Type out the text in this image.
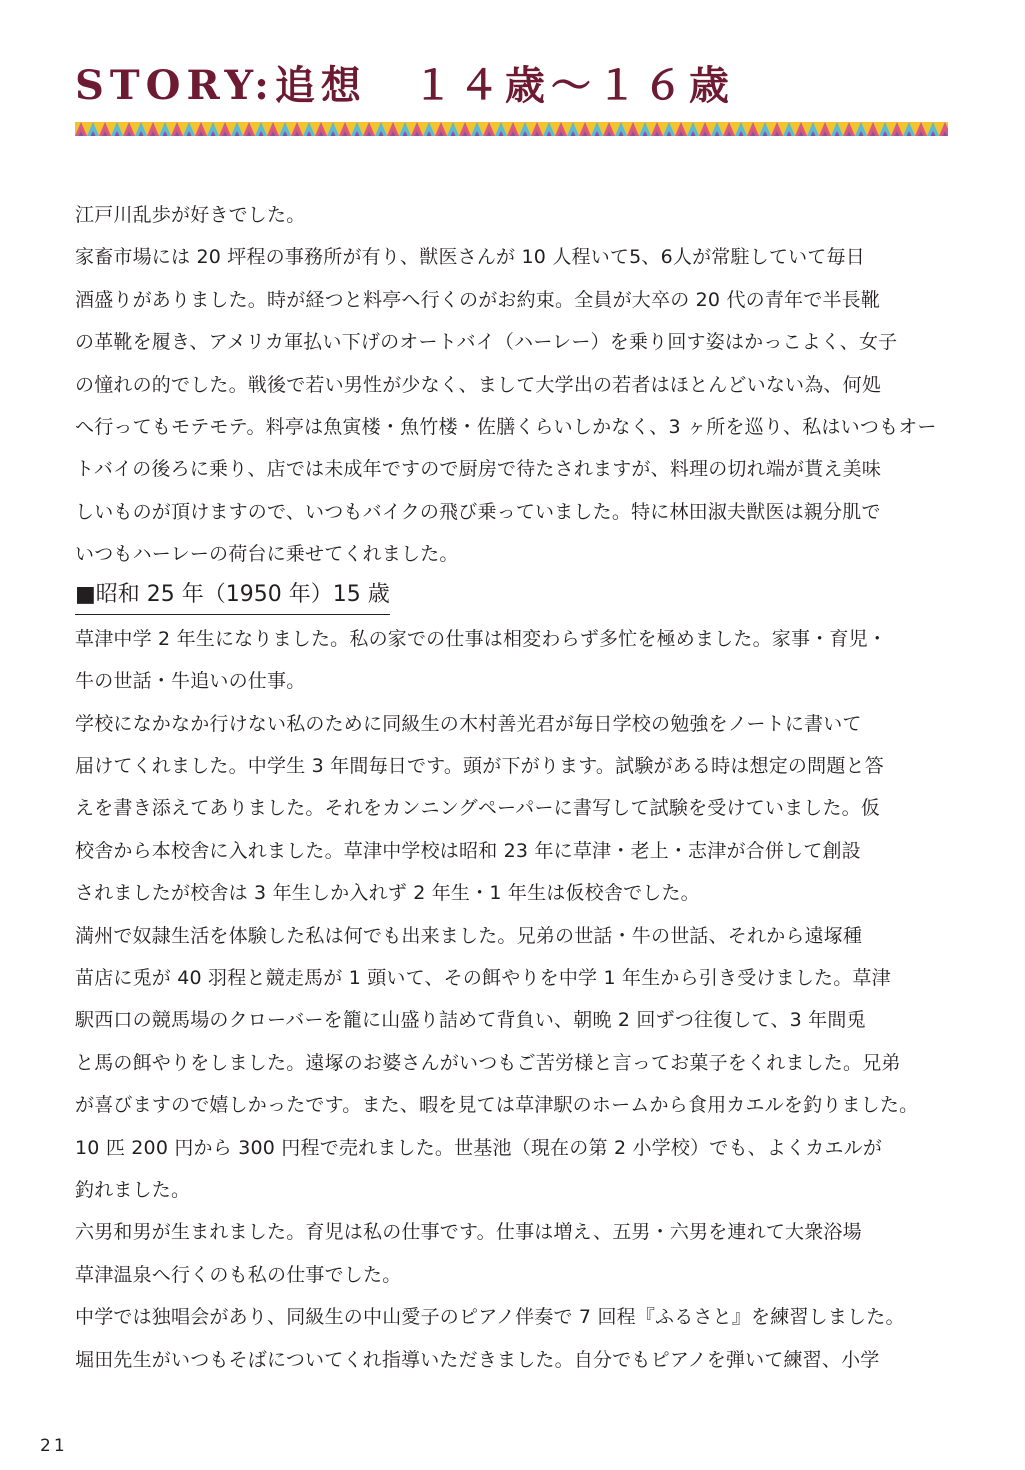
STORY:追想　１４歳～１６歳
江戸川乱歩が好きでした。
家畜市場には 20 坪程の事務所が有り、獣医さんが 10 人程いて5、6人が常駐していて毎日
酒盛りがありました。時が経つと料亭へ行くのがお約束。全員が大卒の 20 代の青年で半長靴
の革靴を履き、アメリカ軍払い下げのオートバイ（ハーレー）を乗り回す姿はかっこよく、女子
の憧れの的でした。戦後で若い男性が少なく、まして大学出の若者はほとんどいない為、何処
へ行ってもモテモテ。料亭は魚寅楼・魚竹楼・佐膳くらいしかなく、3 ヶ所を巡り、私はいつもオー
トバイの後ろに乗り、店では未成年ですので厨房で待たされますが、料理の切れ端が貰え美味
しいものが頂けますので、いつもバイクの飛び乗っていました。特に林田淑夫獣医は親分肌で
いつもハーレーの荷台に乗せてくれました。
■昭和 25 年（1950 年）15 歳
草津中学 2 年生になりました。私の家での仕事は相変わらず多忙を極めました。家事・育児・
牛の世話・牛追いの仕事。
学校になかなか行けない私のために同級生の木村善光君が毎日学校の勉強をノートに書いて
届けてくれました。中学生 3 年間毎日です。頭が下がります。試験がある時は想定の問題と答
えを書き添えてありました。それをカンニングペーパーに書写して試験を受けていました。仮
校舎から本校舎に入れました。草津中学校は昭和 23 年に草津・老上・志津が合併して創設
されましたが校舎は 3 年生しか入れず 2 年生・1 年生は仮校舎でした。
満州で奴隷生活を体験した私は何でも出来ました。兄弟の世話・牛の世話、それから遠塚種
苗店に兎が 40 羽程と競走馬が 1 頭いて、その餌やりを中学 1 年生から引き受けました。草津
駅西口の競馬場のクローバーを籠に山盛り詰めて背負い、朝晩 2 回ずつ往復して、3 年間兎
と馬の餌やりをしました。遠塚のお婆さんがいつもご苦労様と言ってお菓子をくれました。兄弟
が喜びますので嬉しかったです。また、暇を見ては草津駅のホームから食用カエルを釣りました。
10 匹 200 円から 300 円程で売れました。世基池（現在の第 2 小学校）でも、よくカエルが
釣れました。
六男和男が生まれました。育児は私の仕事です。仕事は増え、五男・六男を連れて大衆浴場
草津温泉へ行くのも私の仕事でした。
中学では独唱会があり、同級生の中山愛子のピアノ伴奏で 7 回程『ふるさと』を練習しました。
堀田先生がいつもそばについてくれ指導いただきました。自分でもピアノを弾いて練習、小学
21
